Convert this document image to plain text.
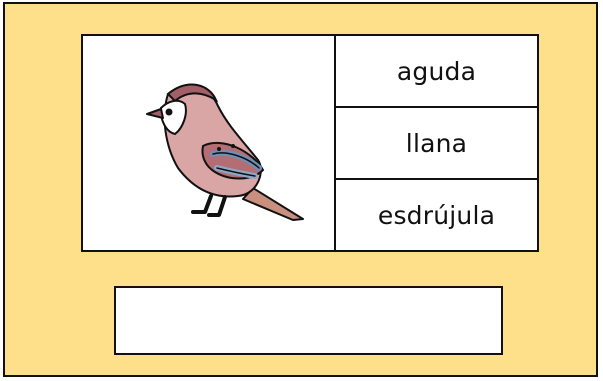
aguda
llana
esdrújula
